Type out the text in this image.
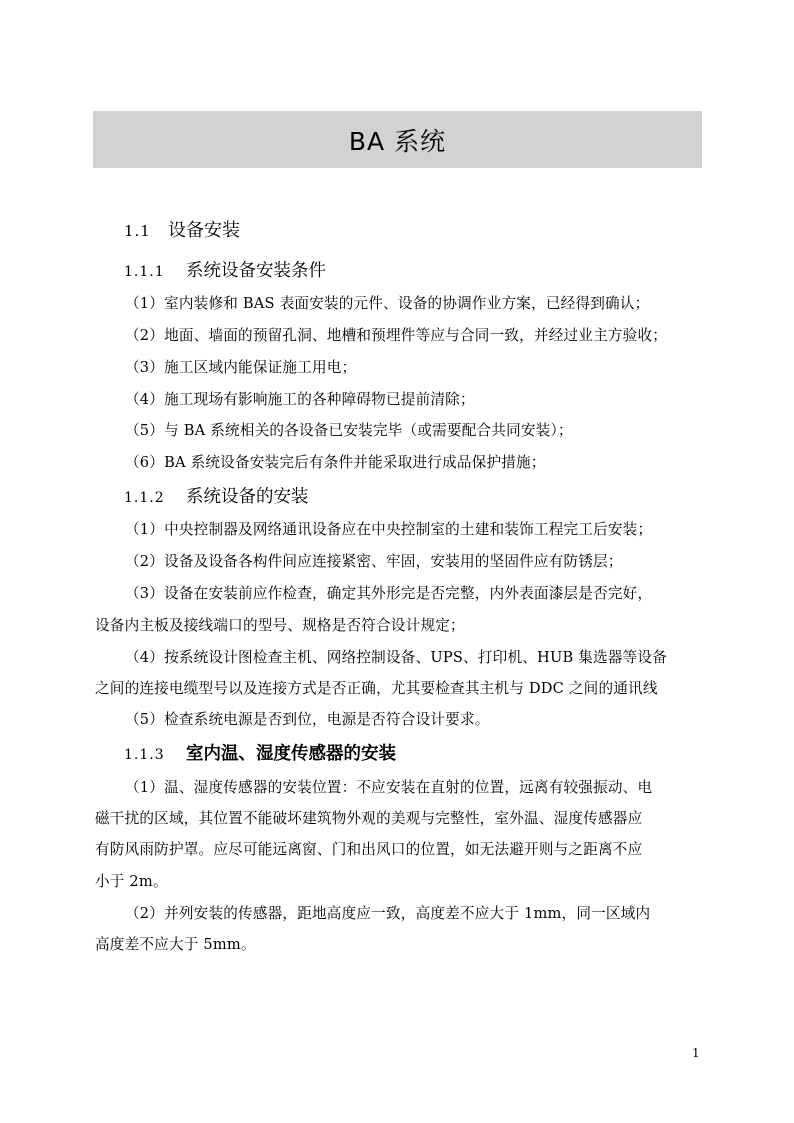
BA 系统
1.1 设备安装
1.1.1 系统设备安装条件
（1）室内装修和 BAS 表面安装的元件、设备的协调作业方案，已经得到确认；
（2）地面、墙面的预留孔洞、地槽和预埋件等应与合同一致，并经过业主方验收；
（3）施工区域内能保证施工用电；
（4）施工现场有影响施工的各种障碍物已提前清除；
（5）与 BA 系统相关的各设备已安装完毕（或需要配合共同安装）；
（6）BA 系统设备安装完后有条件并能采取进行成品保护措施；
1.1.2 系统设备的安装
（1）中央控制器及网络通讯设备应在中央控制室的土建和装饰工程完工后安装；
（2）设备及设备各构件间应连接紧密、牢固，安装用的坚固件应有防锈层；
（3）设备在安装前应作检查，确定其外形完是否完整，内外表面漆层是否完好，
设备内主板及接线端口的型号、规格是否符合设计规定；
（4）按系统设计图检查主机、网络控制设备、UPS、打印机、HUB 集选器等设备
之间的连接电缆型号以及连接方式是否正确，尤其要检查其主机与 DDC 之间的通讯线
（5）检查系统电源是否到位，电源是否符合设计要求。
1.1.3 室内温、湿度传感器的安装
（1）温、湿度传感器的安装位置：不应安装在直射的位置，远离有较强振动、电
磁干扰的区域，其位置不能破坏建筑物外观的美观与完整性，室外温、湿度传感器应
有防风雨防护罩。应尽可能远离窗、门和出风口的位置，如无法避开则与之距离不应
小于 2m。
（2）并列安装的传感器，距地高度应一致，高度差不应大于 1mm，同一区域内
高度差不应大于 5mm。
1
